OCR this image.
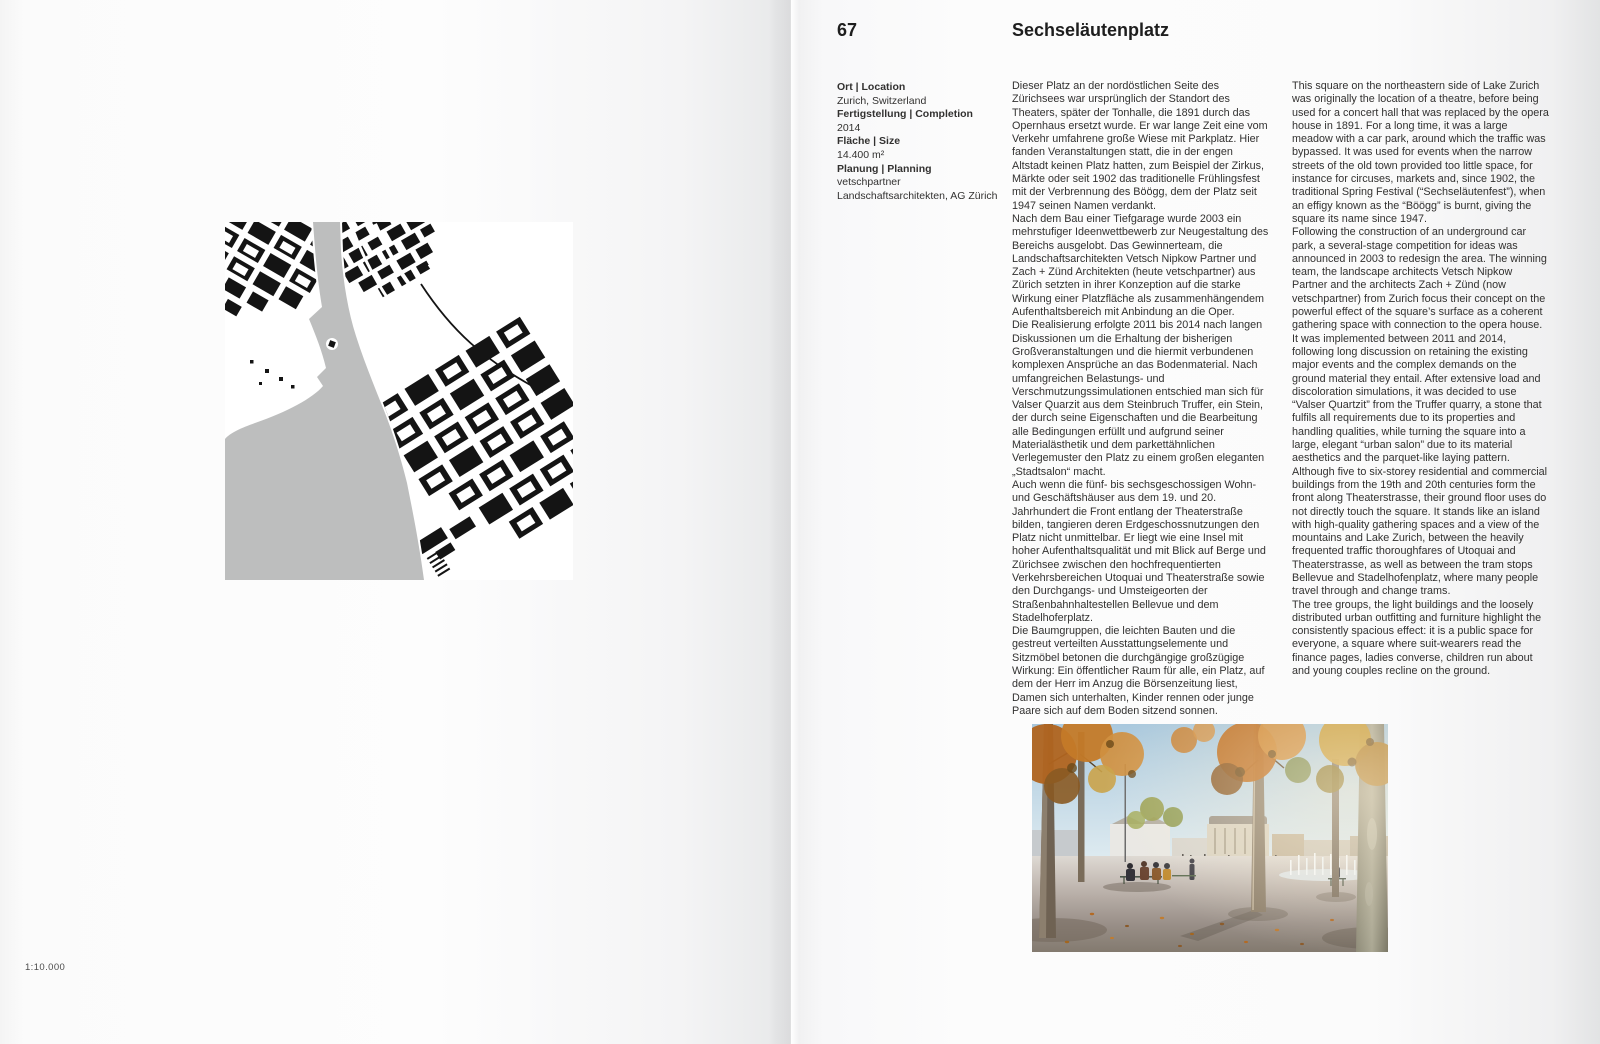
1:10.000
67	Sechseläutenplatz
Ort | Location
Zurich, Switzerland
Fertigstellung | Completion
2014
Fläche | Size
14.400 m²
Planung | Planning
vetschpartner Landschaftsarchitekten, AG Zürich

Dieser Platz an der nordöstlichen Seite des Zürichsees war ursprünglich der Standort des Theaters, später der Tonhalle, die 1891 durch das Opernhaus ersetzt wurde. Er war lange Zeit eine vom Verkehr umfahrene große Wiese mit Parkplatz. Hier fanden Veranstaltungen statt, die in der engen Altstadt keinen Platz hatten, zum Beispiel der Zirkus, Märkte oder seit 1902 das traditionelle Frühlingsfest mit der Verbrennung des Böögg, dem der Platz seit 1947 seinen Namen verdankt.

Nach dem Bau einer Tiefgarage wurde 2003 ein mehrstufiger Ideenwettbewerb zur Neugestaltung des Bereichs ausgelobt. Das Gewinnerteam, die Landschaftsarchitekten Vetsch Nipkow Partner und Zach + Zünd Architekten (heute vetschpartner) aus Zürich setzten in ihrer Konzeption auf die starke Wirkung einer Platzfläche als zusammenhängendem Aufenthaltsbereich mit Anbindung an die Oper.

Die Realisierung erfolgte 2011 bis 2014 nach langen Diskussionen um die Erhaltung der bisherigen Großveranstaltungen und die hiermit verbundenen komplexen Ansprüche an das Bodenmaterial. Nach umfangreichen Belastungs- und Verschmutzungssimulationen entschied man sich für Valser Quarzit aus dem Steinbruch Truffer, ein Stein, der durch seine Eigenschaften und die Bearbeitung alle Bedingungen erfüllt und aufgrund seiner Materialästhetik und dem parkettähnlichen Verlegemuster den Platz zu einem großen eleganten „Stadtsalon“ macht.

Auch wenn die fünf- bis sechsgeschossigen Wohn- und Geschäftshäuser aus dem 19. und 20. Jahrhundert die Front entlang der Theaterstraße bilden, tangieren deren Erdgeschossnutzungen den Platz nicht unmittelbar. Er liegt wie eine Insel mit hoher Aufenthaltsqualität und mit Blick auf Berge und Zürichsee zwischen den hochfrequentierten Verkehrsbereichen Utoquai und Theaterstraße sowie den Durchgangs- und Umsteigeorten der Straßenbahnhaltestellen Bellevue und dem Stadelhoferplatz.

Die Baumgruppen, die leichten Bauten und die gestreut verteilten Ausstattungselemente und Sitzmöbel betonen die durchgängige großzügige Wirkung: Ein öffentlicher Raum für alle, ein Platz, auf dem der Herr im Anzug die Börsenzeitung liest, Damen sich unterhalten, Kinder rennen oder junge Paare sich auf dem Boden sitzend sonnen.

This square on the northeastern side of Lake Zurich was originally the location of a theatre, before being used for a concert hall that was replaced by the opera house in 1891. For a long time, it was a large meadow with a car park, around which the traffic was bypassed. It was used for events when the narrow streets of the old town provided too little space, for instance for circuses, markets and, since 1902, the traditional Spring Festival (“Sechseläutenfest”), when an effigy known as the “Böögg” is burnt, giving the square its name since 1947.

Following the construction of an underground car park, a several-stage competition for ideas was announced in 2003 to redesign the area. The winning team, the landscape architects Vetsch Nipkow Partner and the architects Zach + Zünd (now vetschpartner) from Zurich focus their concept on the powerful effect of the square’s surface as a coherent gathering space with connection to the opera house.

It was implemented between 2011 and 2014, following long discussion on retaining the existing major events and the complex demands on the ground material they entail. After extensive load and discoloration simulations, it was decided to use “Valser Quartzit” from the Truffer quarry, a stone that fulfils all requirements due to its properties and handling qualities, while turning the square into a large, elegant “urban salon” due to its material aesthetics and the parquet-like laying pattern.

Although five to six-storey residential and commercial buildings from the 19th and 20th centuries form the front along Theaterstrasse, their ground floor uses do not directly touch the square. It stands like an island with high-quality gathering spaces and a view of the mountains and Lake Zurich, between the heavily frequented traffic thoroughfares of Utoquai and Theaterstrasse, as well as between the tram stops Bellevue and Stadelhofenplatz, where many people travel through and change trams.

The tree groups, the light buildings and the loosely distributed urban outfitting and furniture highlight the consistently spacious effect: it is a public space for everyone, a square where suit-wearers read the finance pages, ladies converse, children run about and young couples recline on the ground.
